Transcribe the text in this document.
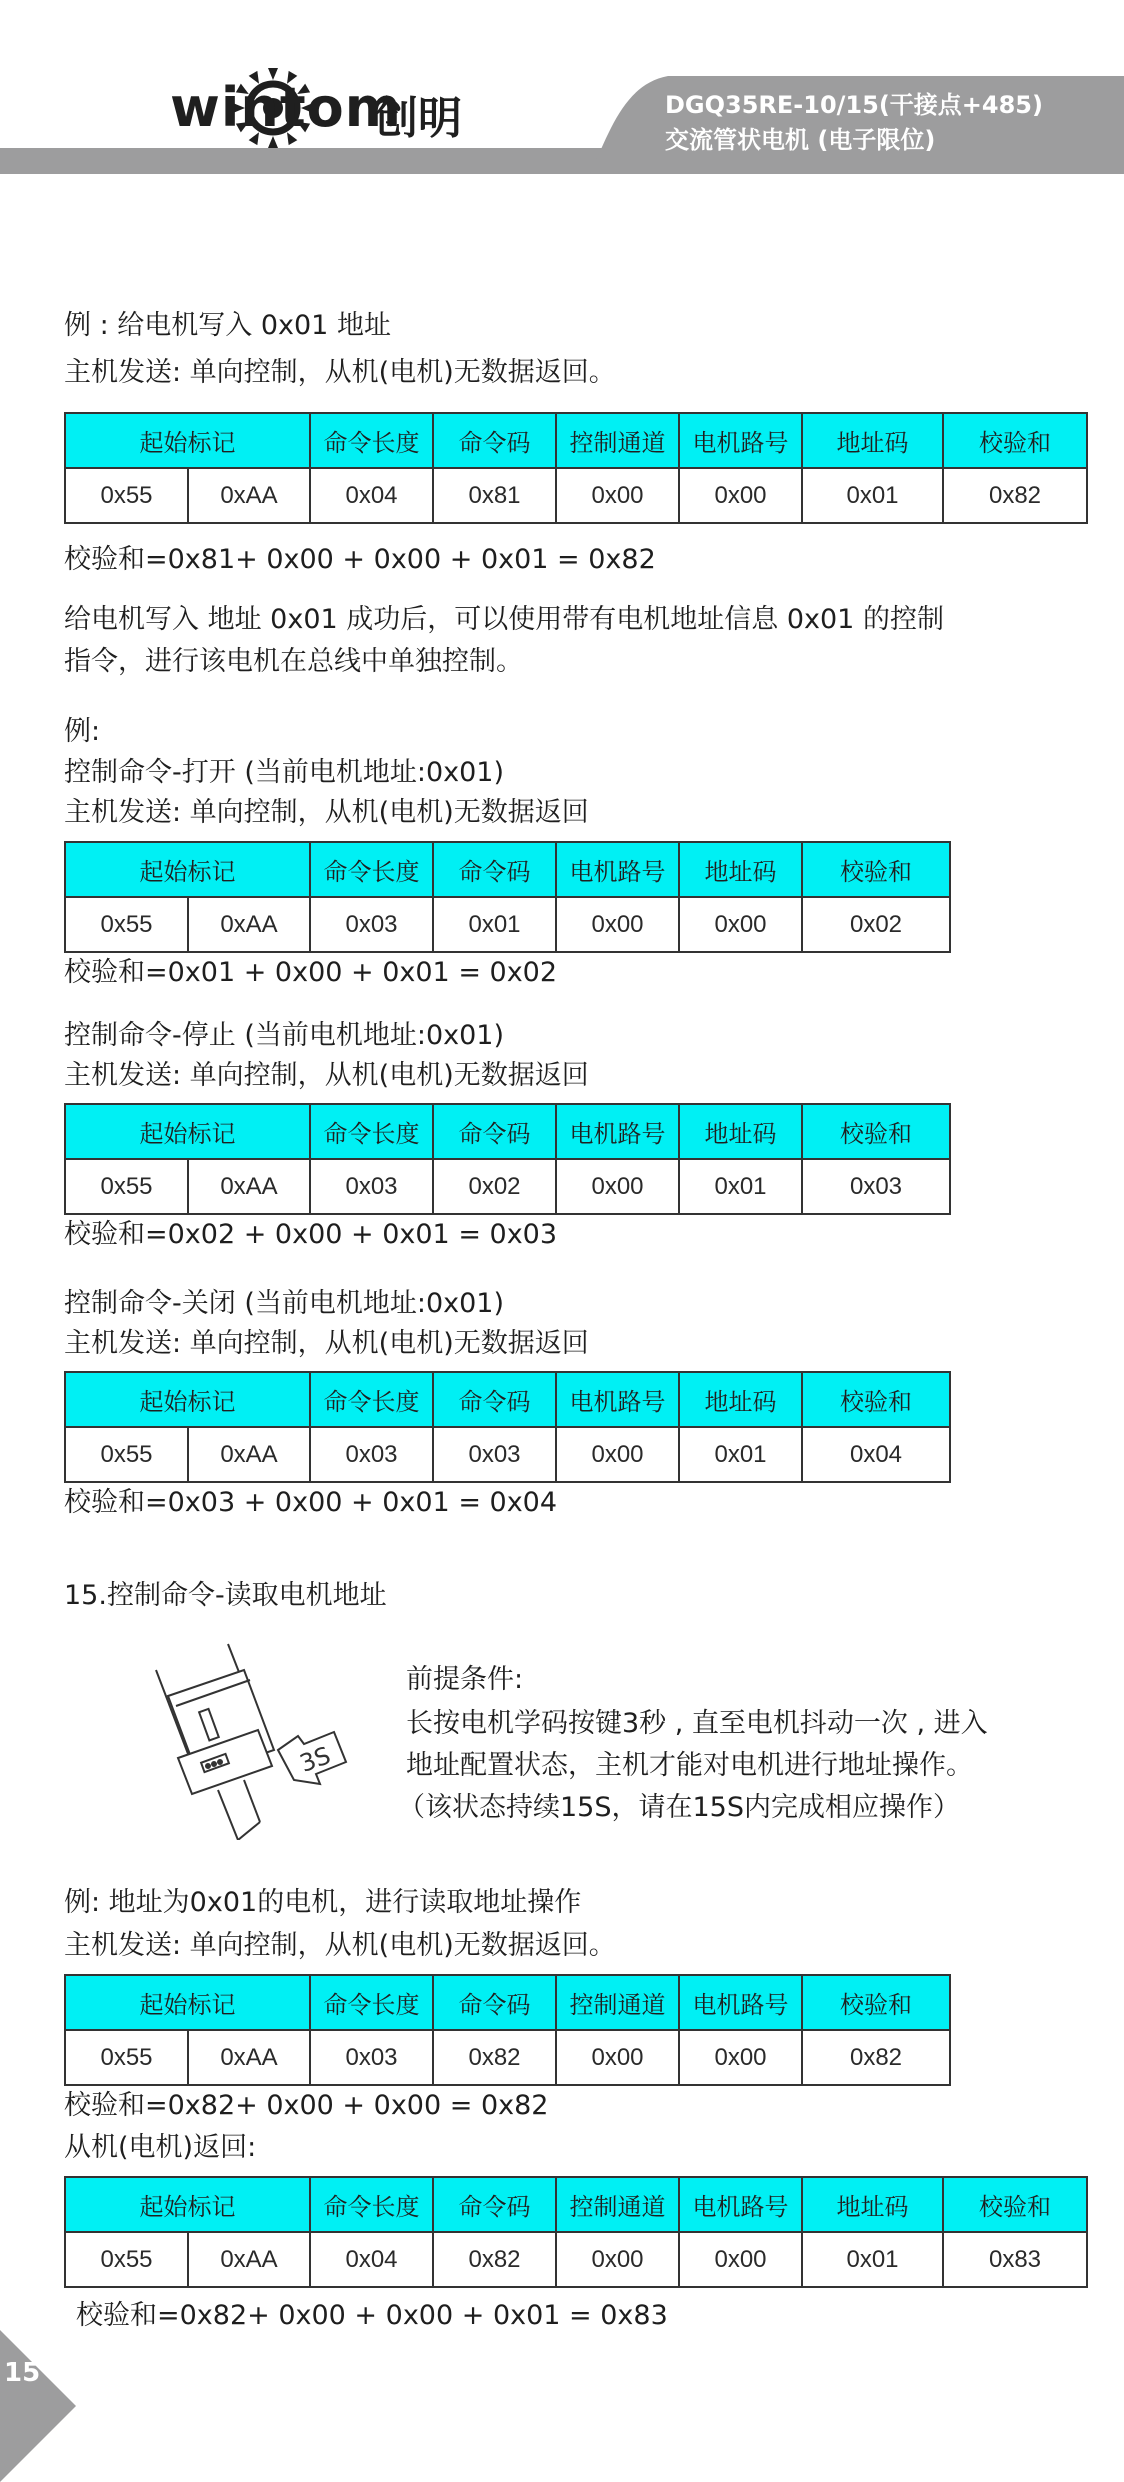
wintom
创明	DGQ35RE-10/15(干接点+485)
交流管状电机 (电子限位)
例 : 给电机写入 0x01 地址
主机发送: 单向控制，从机(电机)无数据返回。
起始标记		命令长度	命令码	控制通道	电机路号	地址码	校验和
0x55	0xAA	0x04	0x81	0x00	0x00	0x01	0x82
校验和=0x81+ 0x00 + 0x00 + 0x01 = 0x82
给电机写入 地址 0x01 成功后，可以使用带有电机地址信息 0x01 的控制
指令，进行该电机在总线中单独控制。
例:
控制命令-打开 (当前电机地址:0x01)
主机发送: 单向控制，从机(电机)无数据返回
起始标记		命令长度	命令码	电机路号	地址码	校验和
0x55	0xAA	0x03	0x01	0x00	0x00	0x02
校验和=0x01 + 0x00 + 0x01 = 0x02
控制命令-停止 (当前电机地址:0x01)
主机发送: 单向控制，从机(电机)无数据返回
起始标记		命令长度	命令码	电机路号	地址码	校验和
0x55	0xAA	0x03	0x02	0x00	0x01	0x03
校验和=0x02 + 0x00 + 0x01 = 0x03
控制命令-关闭 (当前电机地址:0x01)
主机发送: 单向控制，从机(电机)无数据返回
起始标记		命令长度	命令码	电机路号	地址码	校验和
0x55	0xAA	0x03	0x03	0x00	0x01	0x04
校验和=0x03 + 0x00 + 0x01 = 0x04
15.控制命令-读取电机地址
3S
前提条件:
长按电机学码按键3秒 , 直至电机抖动一次 , 进入
地址配置状态，主机才能对电机进行地址操作。
（该状态持续15S，请在15S内完成相应操作）
例: 地址为0x01的电机，进行读取地址操作
主机发送: 单向控制，从机(电机)无数据返回。
起始标记		命令长度	命令码	控制通道	电机路号	校验和
0x55	0xAA	0x03	0x82	0x00	0x00	0x82
校验和=0x82+ 0x00 + 0x00 = 0x82
从机(电机)返回:
起始标记		命令长度	命令码	控制通道	电机路号	地址码	校验和
0x55	0xAA	0x04	0x82	0x00	0x00	0x01	0x83
校验和=0x82+ 0x00 + 0x00 + 0x01 = 0x83
15
